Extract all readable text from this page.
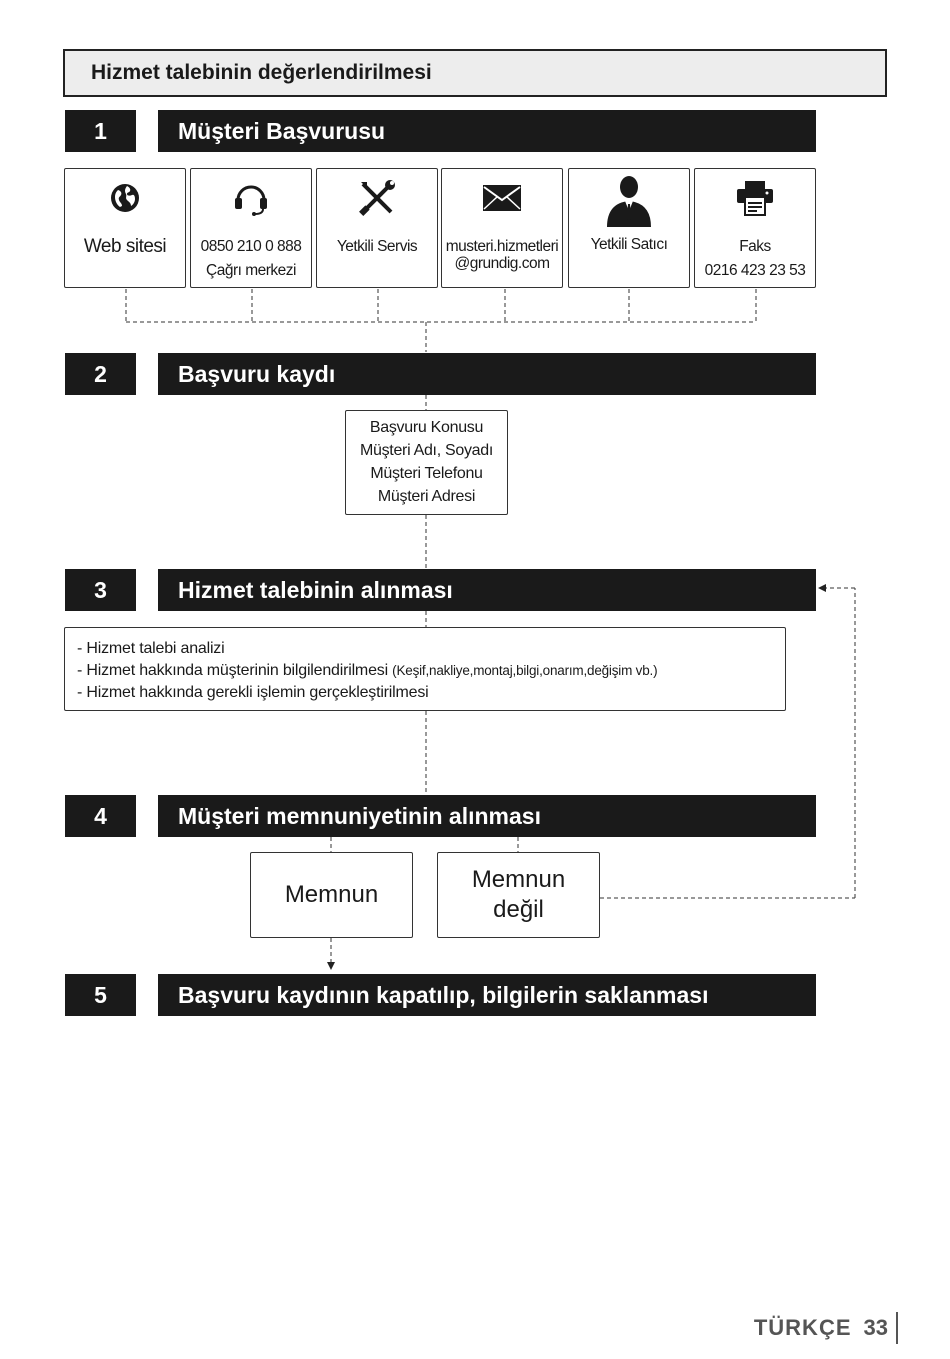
Hizmet talebinin değerlendirilmesi
1	Müşteri Başvurusu
Web sitesi 0850 210 0 888
Çağrı merkezi
Yetkili Servis musteri.hizmetleri
@grundig.com
Yetkili Satıcı	Faks
0216 423 23 53
2	Başvuru kaydı
Başvuru Konusu
Müşteri Adı, Soyadı
Müşteri Telefonu
Müşteri Adresi
3	Hizmet talebinin alınması
- Hizmet talebi analizi
- Hizmet hakkında müşterinin bilgilendirilmesi (Keşif,nakliye,montaj,bilgi,onarım,değişim vb.)
- Hizmet hakkında gerekli işlemin gerçekleştirilmesi
4	Müşteri memnuniyetinin alınması
Memnun
Memnun
değil
5	Başvuru kaydının kapatılıp, bilgilerin saklanması
TÜRKÇE 33
